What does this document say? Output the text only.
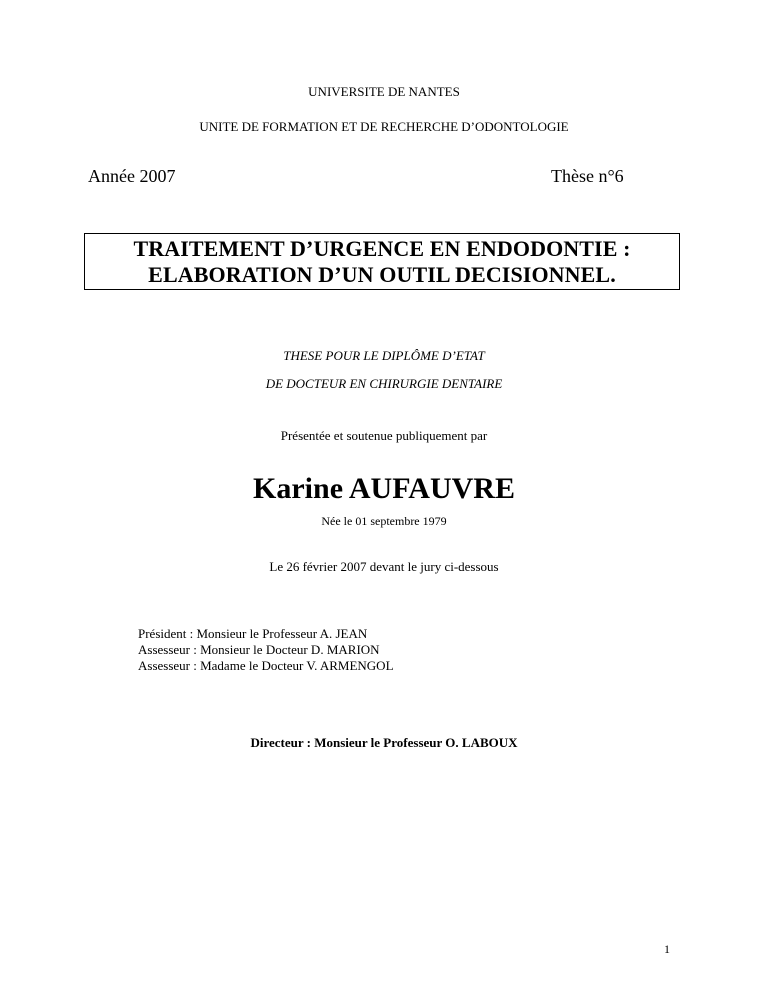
UNIVERSITE DE NANTES
UNITE DE FORMATION ET DE RECHERCHE D’ODONTOLOGIE
Année 2007	Thèse n°6
TRAITEMENT D’URGENCE EN ENDODONTIE :
ELABORATION D’UN OUTIL DECISIONNEL.
THESE POUR LE DIPLÔME D’ETAT
DE DOCTEUR EN CHIRURGIE DENTAIRE
Présentée et soutenue publiquement par
Karine AUFAUVRE
Née le 01 septembre 1979
Le 26 février 2007 devant le jury ci-dessous
Président : Monsieur le Professeur A. JEAN
Assesseur : Monsieur le Docteur D. MARION
Assesseur : Madame le Docteur V. ARMENGOL
Directeur : Monsieur le Professeur O. LABOUX
1
